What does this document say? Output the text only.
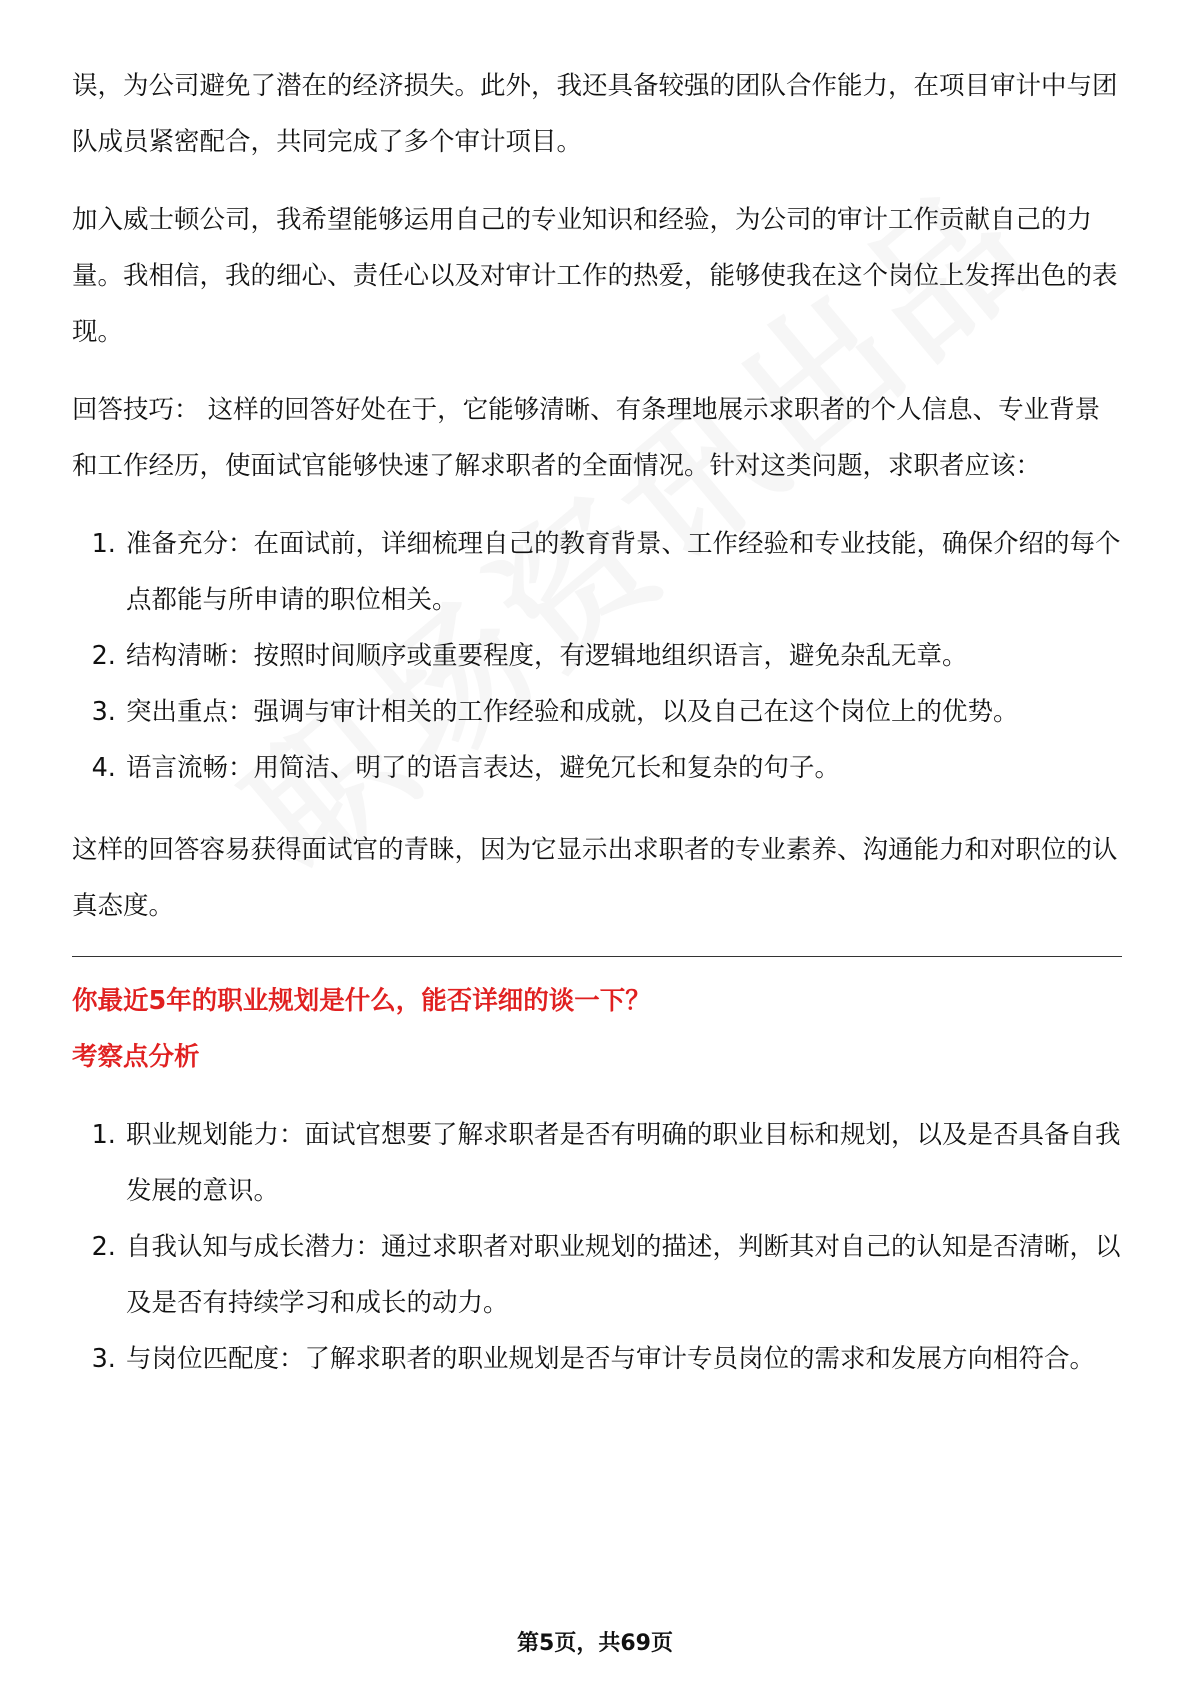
误，为公司避免了潜在的经济损失。此外，我还具备较强的团队合作能力，在项目审计中与团队成员紧密配合，共同完成了多个审计项目。

加入威士顿公司，我希望能够运用自己的专业知识和经验，为公司的审计工作贡献自己的力量。我相信，我的细心、责任心以及对审计工作的热爱，能够使我在这个岗位上发挥出色的表现。

回答技巧： 这样的回答好处在于，它能够清晰、有条理地展示求职者的个人信息、专业背景和工作经历，使面试官能够快速了解求职者的全面情况。针对这类问题，求职者应该：

1. 准备充分：在面试前，详细梳理自己的教育背景、工作经验和专业技能，确保介绍的每个点都能与所申请的职位相关。
2. 结构清晰：按照时间顺序或重要程度，有逻辑地组织语言，避免杂乱无章。
3. 突出重点：强调与审计相关的工作经验和成就，以及自己在这个岗位上的优势。
4. 语言流畅：用简洁、明了的语言表达，避免冗长和复杂的句子。

这样的回答容易获得面试官的青睐，因为它显示出求职者的专业素养、沟通能力和对职位的认真态度。

你最近5年的职业规划是什么，能否详细的谈一下？
考察点分析
1. 职业规划能力：面试官想要了解求职者是否有明确的职业目标和规划，以及是否具备自我发展的意识。
2. 自我认知与成长潜力：通过求职者对职业规划的描述，判断其对自己的认知是否清晰，以及是否有持续学习和成长的动力。
3. 与岗位匹配度：了解求职者的职业规划是否与审计专员岗位的需求和发展方向相符合。
第5页，共69页
